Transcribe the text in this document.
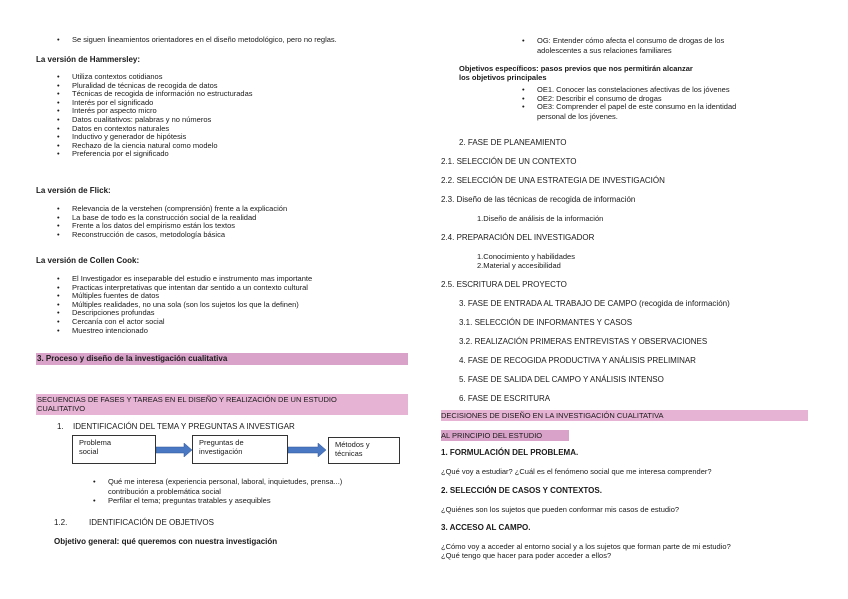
• Se siguen lineamientos orientadores en el diseño metodológico, pero no reglas.
La versión de Hammersley:
• Utiliza contextos cotidianos
• Pluralidad de técnicas de recogida de datos
• Técnicas de recogida de información no estructuradas
• Interés por el significado
• Interés por aspecto micro
• Datos cualitativos: palabras y no números
• Datos en contextos naturales
• Inductivo y generador de hipótesis
• Rechazo de la ciencia natural como modelo
• Preferencia por el significado
La versión de Flick:
• Relevancia de la verstehen (comprensión) frente a la explicación
• La base de todo es la construcción social de la realidad
• Frente a los datos del empirismo están los textos
• Reconstrucción de casos, metodología básica
La versión de Collen Cook:
• El Investigador es inseparable del estudio e instrumento mas importante
• Practicas interpretativas que intentan dar sentido a un contexto cultural
• Múltiples fuentes de datos
• Múltiples realidades, no una sola (son los sujetos los que la definen)
• Descripciones profundas
• Cercanía con el actor social
• Muestreo intencionado
3. Proceso y diseño de la investigación cualitativa
SECUENCIAS DE FASES Y TAREAS EN EL DISEÑO Y REALIZACIÓN DE UN ESTUDIO
CUALITATIVO
1. IDENTIFICACIÓN DEL TEMA Y PREGUNTAS A INVESTIGAR
Problema
social
Preguntas de
investigación
Métodos y
técnicas
• Qué me interesa (experiencia personal, laboral, inquietudes, prensa...)
contribución a problemática social
• Perfilar el tema; preguntas tratables y asequibles
1.2.	IDENTIFICACIÓN DE OBJETIVOS
Objetivo general: qué queremos con nuestra investigación
• OG: Entender cómo afecta el consumo de drogas de los
adolescentes a sus relaciones familiares
Objetivos específicos: pasos previos que nos permitirán alcanzar
los objetivos principales
• OE1. Conocer las constelaciones afectivas de los jóvenes
• OE2: Describir el consumo de drogas
• OE3: Comprender el papel de este consumo en la identidad
personal de los jóvenes.
2. FASE DE PLANEAMIENTO
2.1. SELECCIÓN DE UN CONTEXTO
2.2. SELECCIÓN DE UNA ESTRATEGIA DE INVESTIGACIÓN
2.3. Diseño de las técnicas de recogida de información
1.Diseño de análisis de la información
2.4. PREPARACIÓN DEL INVESTIGADOR
1.Conocimiento y habilidades
2.Material y accesibilidad
2.5. ESCRITURA DEL PROYECTO
3. FASE DE ENTRADA AL TRABAJO DE CAMPO (recogida de información)
3.1. SELECCIÓN DE INFORMANTES Y CASOS
3.2. REALIZACIÓN PRIMERAS ENTREVISTAS Y OBSERVACIONES
4. FASE DE RECOGIDA PRODUCTIVA Y ANÁLISIS PRELIMINAR
5. FASE DE SALIDA DEL CAMPO Y ANÁLISIS INTENSO
6. FASE DE ESCRITURA
DECISIONES DE DISEÑO EN LA INVESTIGACIÓN CUALITATIVA
AL PRINCIPIO DEL ESTUDIO
1. FORMULACIÓN DEL PROBLEMA.
¿Qué voy a estudiar? ¿Cuál es el fenómeno social que me interesa comprender?
2. SELECCIÓN DE CASOS Y CONTEXTOS.
¿Quiénes son los sujetos que pueden conformar mis casos de estudio?
3. ACCESO AL CAMPO.
¿Cómo voy a acceder al entorno social y a los sujetos que forman parte de mi estudio?
¿Qué tengo que hacer para poder acceder a ellos?
